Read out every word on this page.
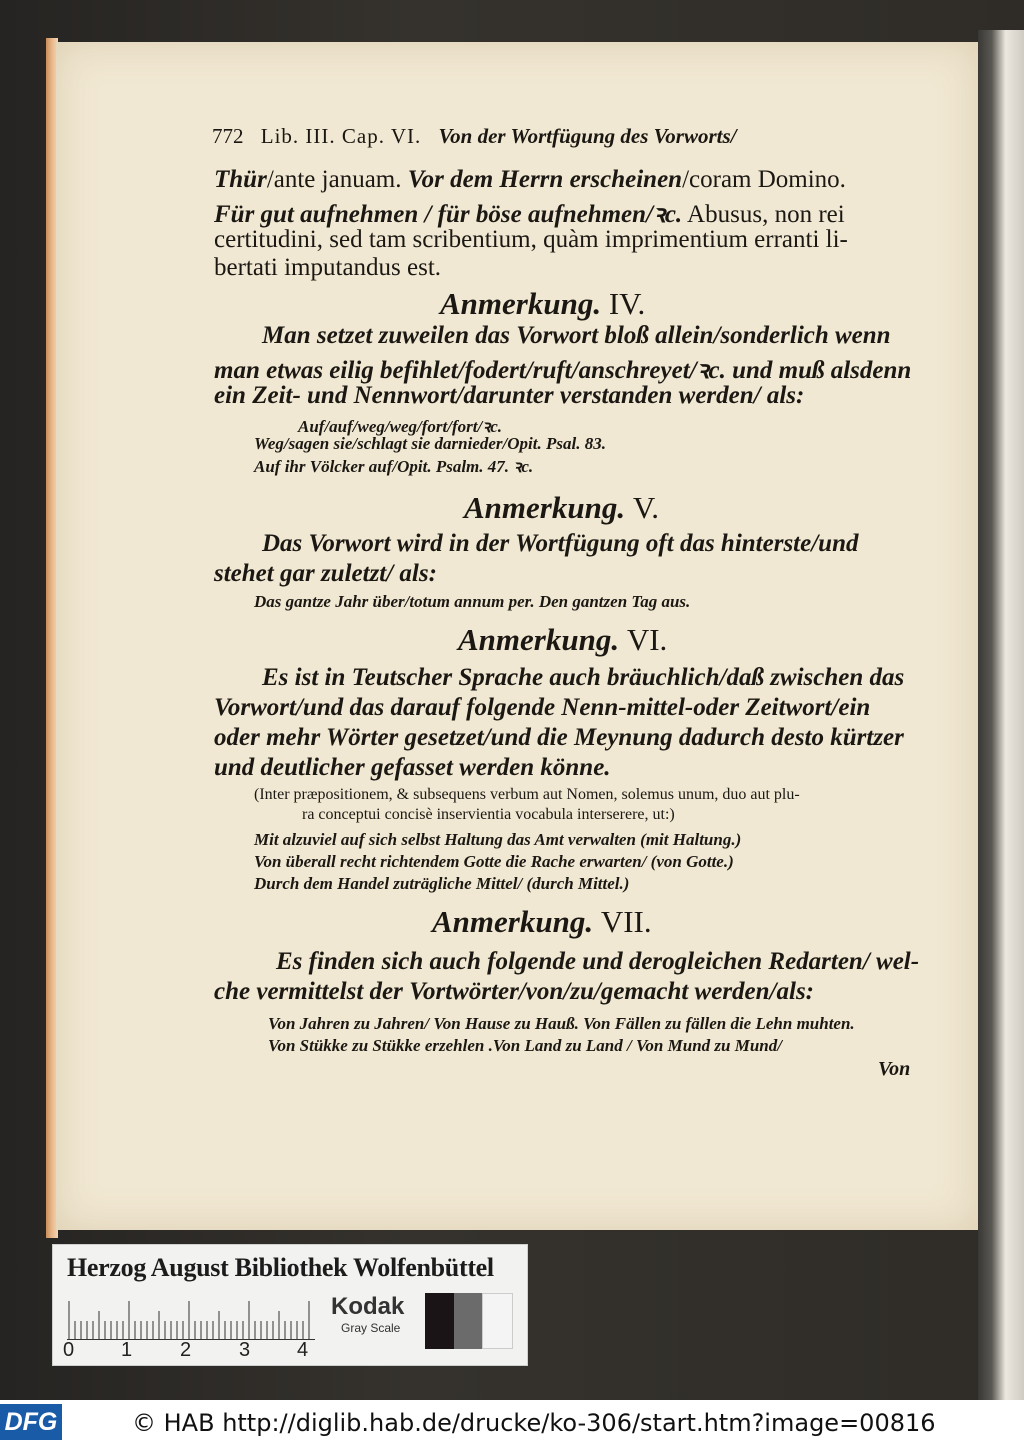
772 Lib. III. Cap. VI. Von der Wortfügung des Vorworts/
Thür/ante januam. Vor dem Herrn erscheinen/coram Domino.
Für gut aufnehmen / für böse aufnehmen/ꝛc. Abusus, non rei
certitudini, sed tam scribentium, quàm imprimentium erranti li-
bertati imputandus est.
Anmerkung. IV.
Man setzet zuweilen das Vorwort bloß allein/sonderlich wenn
man etwas eilig befihlet/fodert/ruft/anschreyet/ꝛc. und muß alsdenn
ein Zeit- und Nennwort/darunter verstanden werden/ als:
Auf/auf/weg/weg/fort/fort/ꝛc.
Weg/sagen sie/schlagt sie darnieder/Opit. Psal. 83.
Auf ihr Völcker auf/Opit. Psalm. 47. ꝛc.
Anmerkung. V.
Das Vorwort wird in der Wortfügung oft das hinterste/und
stehet gar zuletzt/ als:
Das gantze Jahr über/totum annum per. Den gantzen Tag aus.
Anmerkung. VI.
Es ist in Teutscher Sprache auch bräuchlich/daß zwischen das
Vorwort/und das darauf folgende Nenn-mittel-oder Zeitwort/ein
oder mehr Wörter gesetzet/und die Meynung dadurch desto kürtzer
und deutlicher gefasset werden könne.
(Inter præpositionem, & subsequens verbum aut Nomen, solemus unum, duo aut plu-
ra conceptui concisè inservientia vocabula interserere, ut:)
Mit alzuviel auf sich selbst Haltung das Amt verwalten (mit Haltung.)
Von überall recht richtendem Gotte die Rache erwarten/ (von Gotte.)
Durch dem Handel zuträgliche Mittel/ (durch Mittel.)
Anmerkung. VII.
Es finden sich auch folgende und derogleichen Redarten/ wel-
che vermittelst der Vortwörter/von/zu/gemacht werden/als:
Von Jahren zu Jahren/ Von Hause zu Hauß. Von Fällen zu fällen die Lehn muhten.
Von Stükke zu Stükke erzehlen .Von Land zu Land / Von Mund zu Mund/
Von
Herzog August Bibliothek Wolfenbüttel
0 1 2 3 4
Kodak
Gray Scale
DFG	© HAB http://diglib.hab.de/drucke/ko-306/start.htm?image=00816
